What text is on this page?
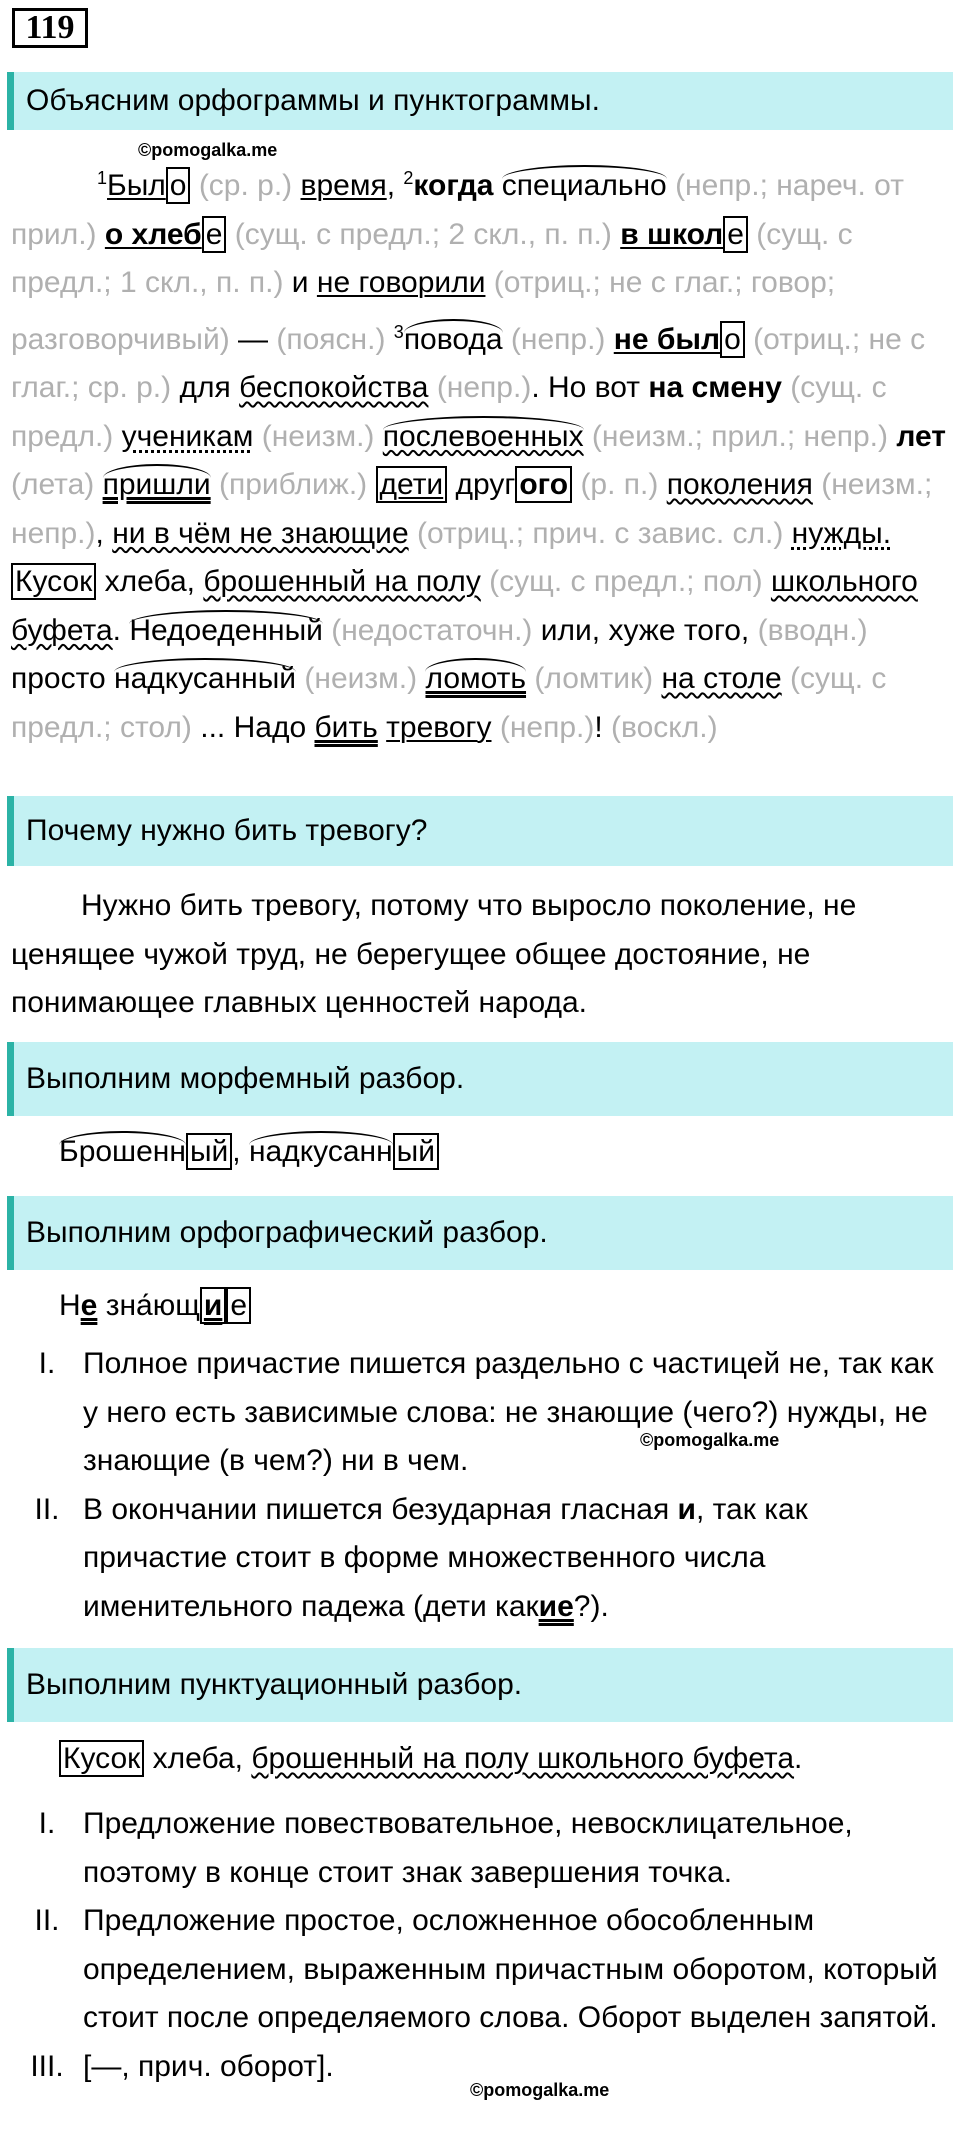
119
Объясним орфограммы и пунктограммы.
©pomogalka.me
$^1$Был о (ср. р.) время, $^2$когда специально (непр.; нареч. от прил.) о хлеб е (сущ. с предл.; 2 скл., п. п.) в школ е (сущ. с предл.; 1 скл., п. п.) и не говорили (отриц.; не с глаг.; говор; разговорчивый) — (поясн.) $^3$повода (непр.) не был о (отриц.; не с глаг.; ср. р.) для беспокойства (непр.). Но вот на смену (сущ. с предл.) ученикам (неизм.) послевоенных (неизм.; прил.; непр.) лет (лета) пришли (приближ.) дети друг ого (р. п.) поколения (неизм.; непр.), ни в чём не знающие (отриц.; прич. с завис. сл.) нужды. Кусок хлеба, брошенный на полу (сущ. с предл.; пол) школьного буфета. Недоеденный (недостаточн.) или, хуже того, (вводн.) просто надкусанный (неизм.) ломоть (ломтик) на столе (сущ. с предл.; стол) ... Надо бить тревогу (непр.)! (воскл.)
Почему нужно бить тревогу?
Нужно бить тревогу, потому что выросло поколение, не ценящее чужой труд, не берегущее общее достояние, не понимающее главных ценностей народа.
Выполним морфемный разбор.
Брошенн ый , надкусанн ый
Выполним орфографический разбор.
Не зна́ющ и е
I. Полное причастие пишется раздельно с частицей не, так как у него есть зависимые слова: не знающие (чего?) нужды, не знающие (в чем?) ни в чем.
II. В окончании пишется безударная гласная и, так как причастие стоит в форме множественного числа именительного падежа (дети какие?).
©pomogalka.me
Выполним пунктуационный разбор.
Кусок хлеба, брошенный на полу школьного буфета.
I. Предложение повествовательное, невосклицательное, поэтому в конце стоит знак завершения точка.
II. Предложение простое, осложненное обособленным определением, выраженным причастным оборотом, который стоит после определяемого слова. Оборот выделен запятой.
III. [—, прич. оборот].
©pomogalka.me
